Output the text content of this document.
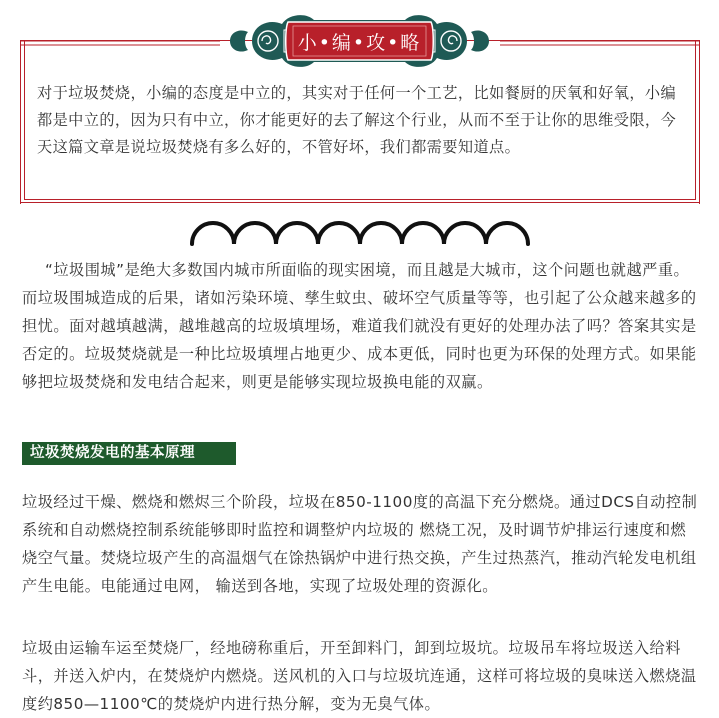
小•编•攻•略
对于垃圾焚烧，小编的态度是中立的，其实对于任何一个工艺，比如餐厨的厌氧和好氧，小编都是中立的，因为只有中立，你才能更好的去了解这个行业，从而不至于让你的思维受限，今天这篇文章是说垃圾焚烧有多么好的，不管好坏，我们都需要知道点。
“垃圾围城”是绝大多数国内城市所面临的现实困境，而且越是大城市，这个问题也就越严重。而垃圾围城造成的后果，诸如污染环境、孳生蚊虫、破坏空气质量等等，也引起了公众越来越多的担忧。面对越填越满，越堆越高的垃圾填埋场，难道我们就没有更好的处理办法了吗？答案其实是否定的。垃圾焚烧就是一种比垃圾填埋占地更少、成本更低，同时也更为环保的处理方式。如果能够把垃圾焚烧和发电结合起来，则更是能够实现垃圾换电能的双赢。
垃圾焚烧发电的基本原理
垃圾经过干燥、燃烧和燃烬三个阶段，垃圾在850-1100度的高温下充分燃烧。通过DCS自动控制系统和自动燃烧控制系统能够即时监控和调整炉内垃圾的 燃烧工况，及时调节炉排运行速度和燃烧空气量。焚烧垃圾产生的高温烟气在馀热锅炉中进行热交换，产生过热蒸汽，推动汽轮发电机组产生电能。电能通过电网， 输送到各地，实现了垃圾处理的资源化。
垃圾由运输车运至焚烧厂，经地磅称重后，开至卸料门，卸到垃圾坑。垃圾吊车将垃圾送入给料斗，并送入炉内，在焚烧炉内燃烧。送风机的入口与垃圾坑连通，这样可将垃圾的臭味送入燃烧温度约850—1100℃的焚烧炉内进行热分解，变为无臭气体。
